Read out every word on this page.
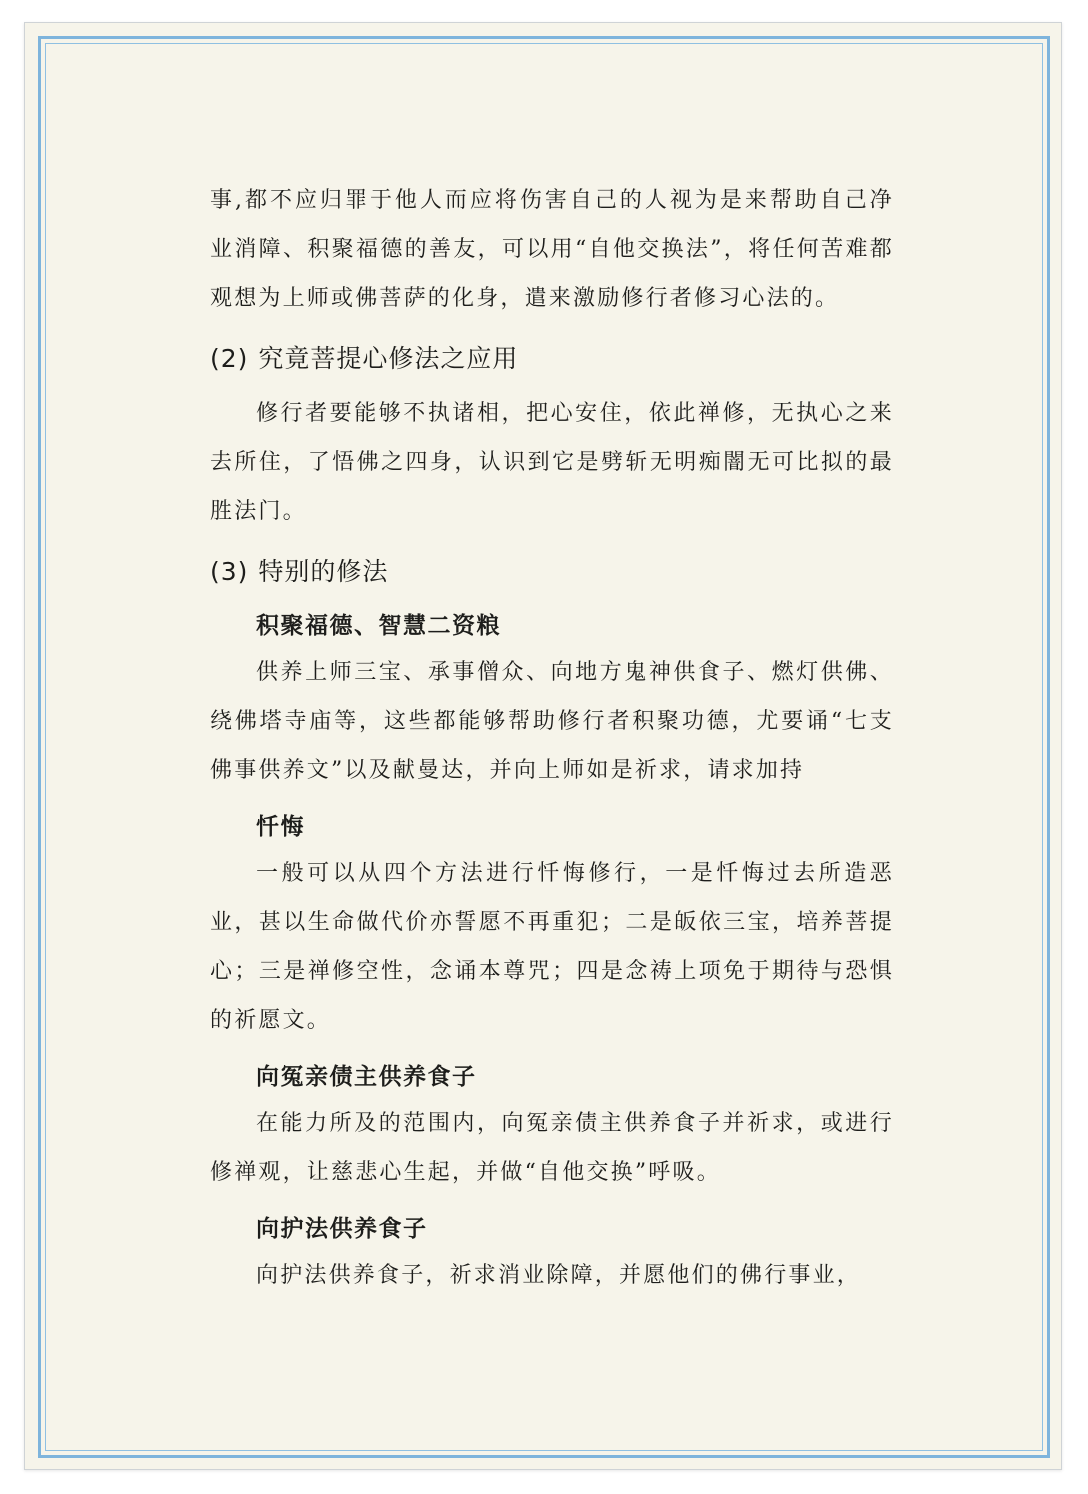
事,都不应归罪于他人而应将伤害自己的人视为是来帮助自己净业消障、积聚福德的善友，可以用“自他交换法”，将任何苦难都观想为上师或佛菩萨的化身，遣来激励修行者修习心法的。

(2) 究竟菩提心修法之应用

修行者要能够不执诸相，把心安住，依此禅修，无执心之来去所住，了悟佛之四身，认识到它是劈斩无明痴闇无可比拟的最胜法门。

(3) 特别的修法
积聚福德、智慧二资粮

供养上师三宝、承事僧众、向地方鬼神供食子、燃灯供佛、绕佛塔寺庙等，这些都能够帮助修行者积聚功德，尤要诵“七支佛事供养文”以及献曼达，并向上师如是祈求，请求加持

忏悔

一般可以从四个方法进行忏悔修行，一是忏悔过去所造恶业，甚以生命做代价亦誓愿不再重犯；二是皈依三宝，培养菩提心；三是禅修空性，念诵本尊咒；四是念祷上项免于期待与恐惧的祈愿文。

向冤亲债主供养食子

在能力所及的范围内，向冤亲债主供养食子并祈求，或进行修禅观，让慈悲心生起，并做“自他交换”呼吸。

向护法供养食子

向护法供养食子，祈求消业除障，并愿他们的佛行事业，
